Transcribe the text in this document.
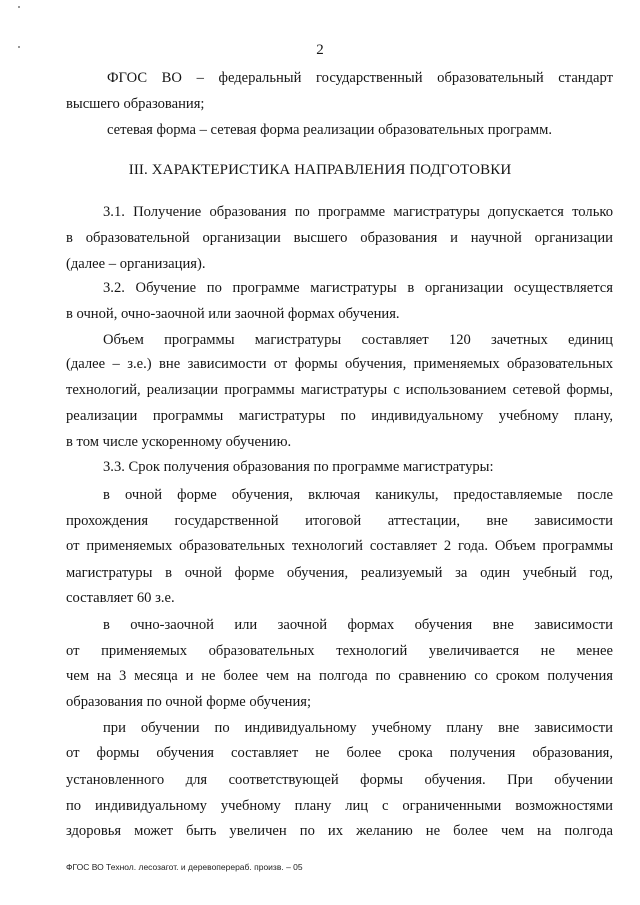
2
ФГОС ВО – федеральный государственный образовательный стандарт
высшего образования;
сетевая форма – сетевая форма реализации образовательных программ.
III. ХАРАКТЕРИСТИКА НАПРАВЛЕНИЯ ПОДГОТОВКИ
3.1. Получение образования по программе магистратуры допускается только
в образовательной организации высшего образования и научной организации
(далее – организация).
3.2. Обучение по программе магистратуры в организации осуществляется
в очной, очно-заочной или заочной формах обучения.
Объем программы магистратуры составляет 120 зачетных единиц
(далее – з.е.) вне зависимости от формы обучения, применяемых образовательных
технологий, реализации программы магистратуры с использованием сетевой формы,
реализации программы магистратуры по индивидуальному учебному плану,
в том числе ускоренному обучению.
3.3. Срок получения образования по программе магистратуры:
в очной форме обучения, включая каникулы, предоставляемые после
прохождения государственной итоговой аттестации, вне зависимости
от применяемых образовательных технологий составляет 2 года. Объем программы
магистратуры в очной форме обучения, реализуемый за один учебный год,
составляет 60 з.е.
в очно-заочной или заочной формах обучения вне зависимости
от применяемых образовательных технологий увеличивается не менее
чем на 3 месяца и не более чем на полгода по сравнению со сроком получения
образования по очной форме обучения;
при обучении по индивидуальному учебному плану вне зависимости
от формы обучения составляет не более срока получения образования,
установленного для соответствующей формы обучения. При обучении
по индивидуальному учебному плану лиц с ограниченными возможностями
здоровья может быть увеличен по их желанию не более чем на полгода
ФГОС ВО Технол. лесозагот. и деревоперераб. произв. – 05
